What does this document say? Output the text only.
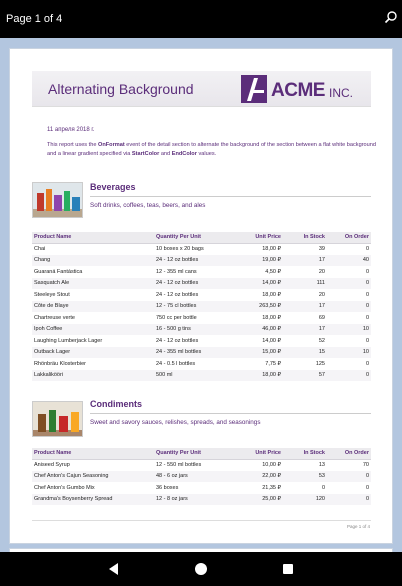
Page 1 of 4
Alternating Background	ACME INC.
11 апреля 2018 г.
This report uses the OnFormat event of the detail section to alternate the background of the section between a flat white background and a linear gradient specified via StartColor and EndColor values.
Beverages
Soft drinks, coffees, teas, beers, and ales
Product Name	Quantity Per Unit	Unit Price	In Stock	On Order
Chai	10 boxes x 20 bags	18,00 ₽	39	0
Chang	24 - 12 oz bottles	19,00 ₽	17	40
Guaraná Fantástica	12 - 355 ml cans	4,50 ₽	20	0
Sasquatch Ale	24 - 12 oz bottles	14,00 ₽	111	0
Steeleye Stout	24 - 12 oz bottles	18,00 ₽	20	0
Côte de Blaye	12 - 75 cl bottles	263,50 ₽	17	0
Chartreuse verte	750 cc per bottle	18,00 ₽	69	0
Ipoh Coffee	16 - 500 g tins	46,00 ₽	17	10
Laughing Lumberjack Lager	24 - 12 oz bottles	14,00 ₽	52	0
Outback Lager	24 - 355 ml bottles	15,00 ₽	15	10
Rhönbräu Klosterbier	24 - 0.5 l bottles	7,75 ₽	125	0
Lakkalikööri	500 ml	18,00 ₽	57	0
Condiments
Sweet and savory sauces, relishes, spreads, and seasonings
Product Name	Quantity Per Unit	Unit Price	In Stock	On Order
Aniseed Syrup	12 - 550 ml bottles	10,00 ₽	13	70
Chef Anton's Cajun Seasoning	48 - 6 oz jars	22,00 ₽	53	0
Chef Anton's Gumbo Mix	36 boxes	21,35 ₽	0	0
Grandma's Boysenberry Spread	12 - 8 oz jars	25,00 ₽	120	0
Page 1 of 4
